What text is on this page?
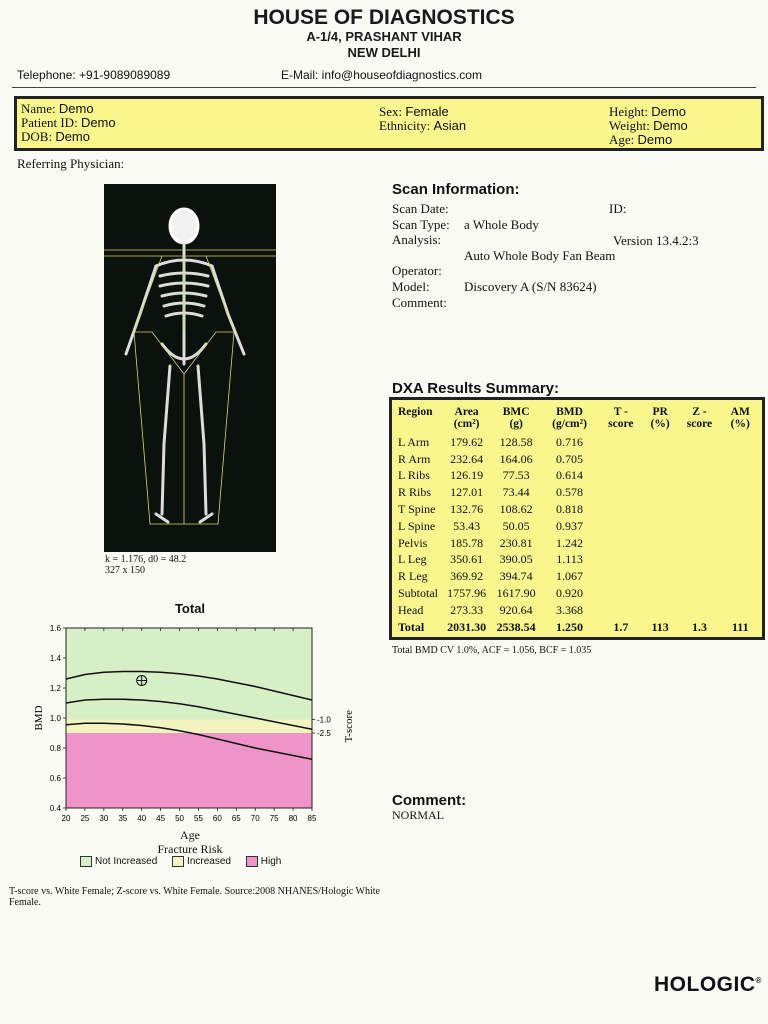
HOUSE OF DIAGNOSTICS
A-1/4, PRASHANT VIHAR
NEW DELHI
Telephone: +91-9089089089	E-Mail: info@houseofdiagnostics.com
Name: Demo
Patient ID: Demo
DOB: Demo
Sex: Female
Ethnicity: Asian
Height: Demo
Weight: Demo
Age: Demo
Referring Physician:
k = 1.176, d0 = 48.2
327 x 150
Scan Information:
Scan Date:	ID:
Scan Type: a Whole Body
Analysis:	Version 13.4.2:3
Auto Whole Body Fan Beam
Operator:
Model:	Discovery A (S/N 83624)
Comment:
DXA Results Summary:
Region	Area (cm²)	BMC (g)	BMD (g/cm²)	T - score	PR (%)	Z - score	AM (%)
L Arm	179.62	128.58	0.716				
R Arm	232.64	164.06	0.705				
L Ribs	126.19	77.53	0.614				
R Ribs	127.01	73.44	0.578				
T Spine	132.76	108.62	0.818				
L Spine	53.43	50.05	0.937				
Pelvis	185.78	230.81	1.242				
L Leg	350.61	390.05	1.113				
R Leg	369.92	394.74	1.067				
Subtotal	1757.96	1617.90	0.920				
Head	273.33	920.64	3.368				
Total	2031.30	2538.54	1.250	1.7	113	1.3	111
Total BMD CV 1.0%, ACF = 1.056, BCF = 1.035
Comment:
NORMAL
Total
20 25 30 35 40 45 50 55 60 65 70 75 80 85
0.4
0.6
0.8
1.0
1.2
1.4
1.6
-1.0
-2.5
BMD	T-score
Age
Fracture Risk
Not Increased	Increased	High
T-score vs. White Female; Z-score vs. White Female. Source:2008 NHANES/Hologic White Female.
HOLOGIC®
